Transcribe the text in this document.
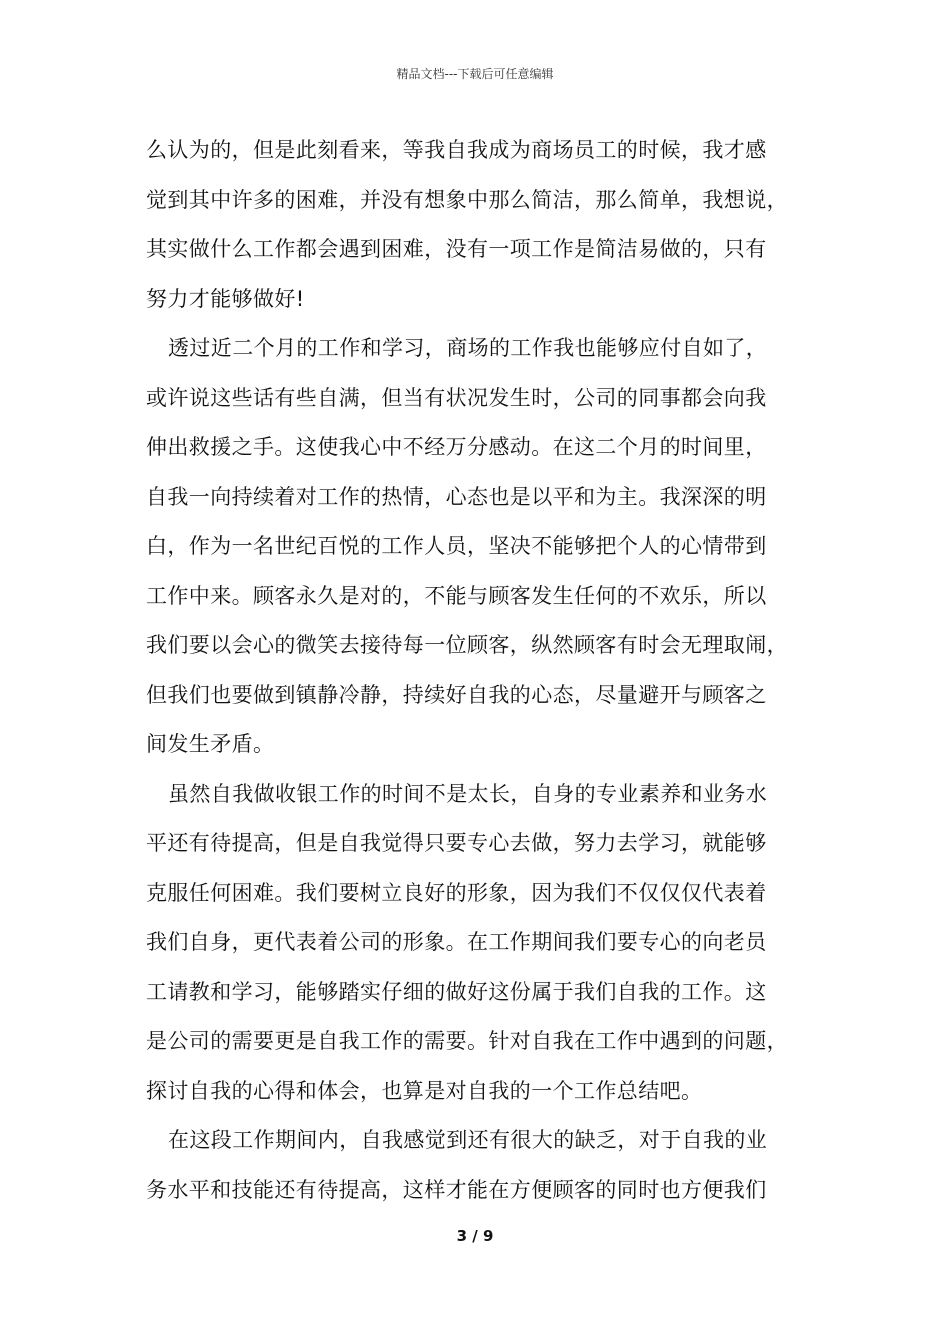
精品文档---下载后可任意编辑
么认为的，但是此刻看来，等我自我成为商场员工的时候，我才感
觉到其中许多的困难，并没有想象中那么简洁，那么简单，我想说，
其实做什么工作都会遇到困难，没有一项工作是简洁易做的，只有
努力才能够做好!
透过近二个月的工作和学习，商场的工作我也能够应付自如了，
或许说这些话有些自满，但当有状况发生时，公司的同事都会向我
伸出救援之手。这使我心中不经万分感动。在这二个月的时间里，
自我一向持续着对工作的热情，心态也是以平和为主。我深深的明
白，作为一名世纪百悦的工作人员，坚决不能够把个人的心情带到
工作中来。顾客永久是对的，不能与顾客发生任何的不欢乐，所以
我们要以会心的微笑去接待每一位顾客，纵然顾客有时会无理取闹，
但我们也要做到镇静冷静，持续好自我的心态，尽量避开与顾客之
间发生矛盾。
虽然自我做收银工作的时间不是太长，自身的专业素养和业务水
平还有待提高，但是自我觉得只要专心去做，努力去学习，就能够
克服任何困难。我们要树立良好的形象，因为我们不仅仅仅代表着
我们自身，更代表着公司的形象。在工作期间我们要专心的向老员
工请教和学习，能够踏实仔细的做好这份属于我们自我的工作。这
是公司的需要更是自我工作的需要。针对自我在工作中遇到的问题，
探讨自我的心得和体会，也算是对自我的一个工作总结吧。
在这段工作期间内，自我感觉到还有很大的缺乏，对于自我的业
务水平和技能还有待提高，这样才能在方便顾客的同时也方便我们
3 / 9
